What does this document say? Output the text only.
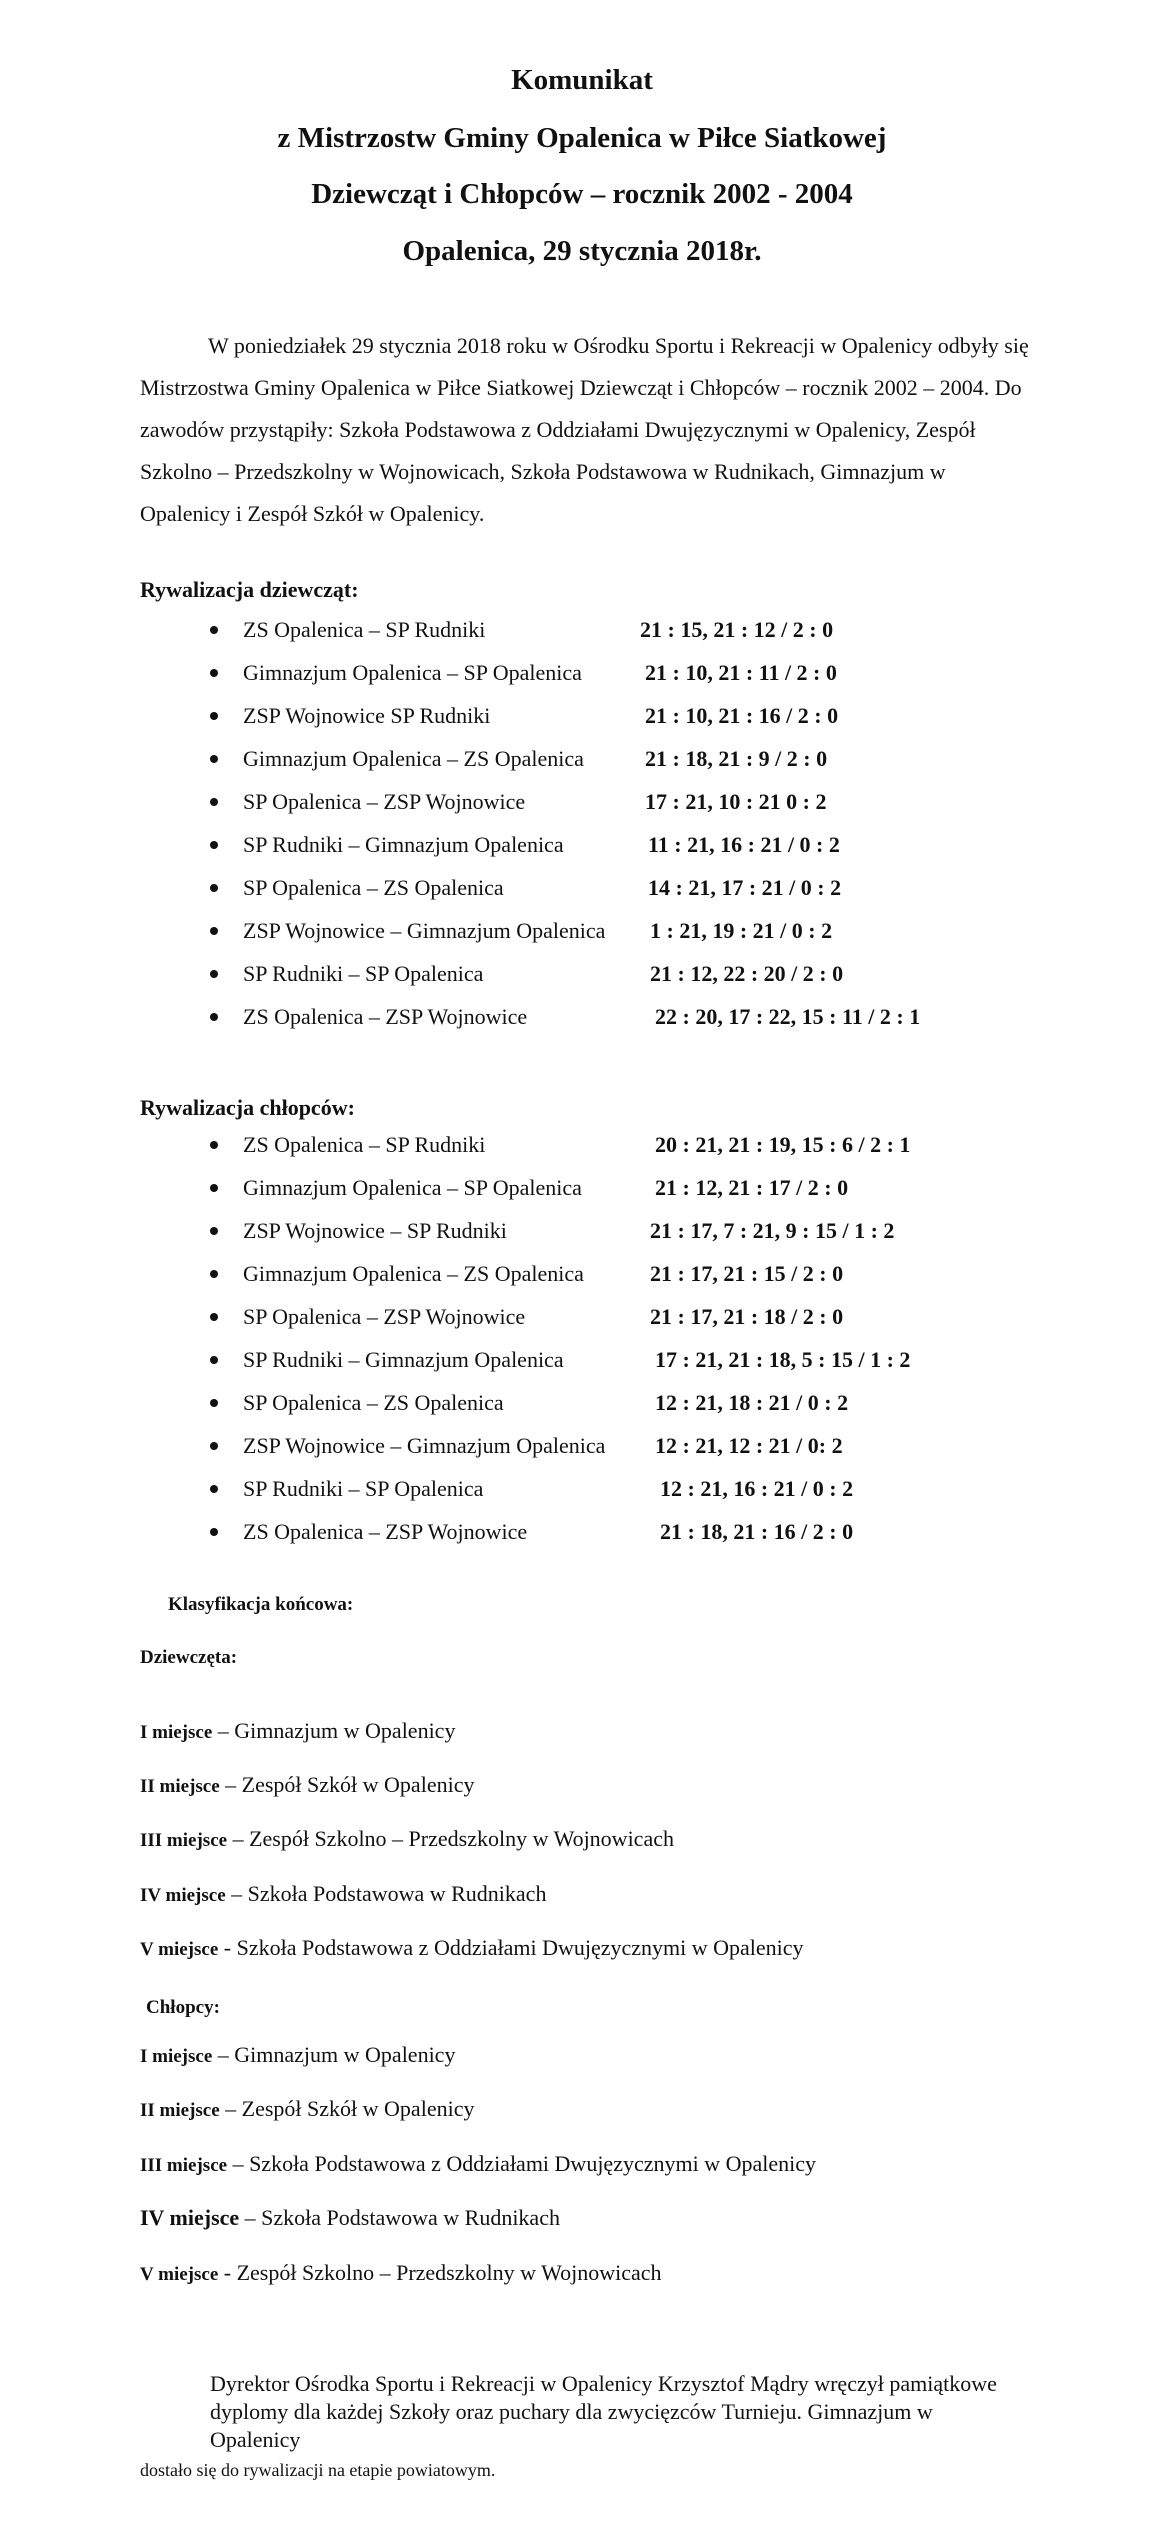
Komunikat

z Mistrzostw Gminy Opalenica w Piłce Siatkowej

Dziewcząt i Chłopców – rocznik 2002 - 2004

Opalenica, 29 stycznia 2018r.

W poniedziałek 29 stycznia 2018 roku w Ośrodku Sportu i Rekreacji w Opalenicy odbyły się Mistrzostwa Gminy Opalenica w Piłce Siatkowej Dziewcząt i Chłopców – rocznik 2002 – 2004. Do zawodów przystąpiły: Szkoła Podstawowa z Oddziałami Dwujęzycznymi w Opalenicy, Zespół Szkolno – Przedszkolny w Wojnowicach, Szkoła Podstawowa w Rudnikach, Gimnazjum w Opalenicy i Zespół Szkół w Opalenicy.

Rywalizacja dziewcząt:

ZS Opalenica – SP Rudniki	21 : 15, 21 : 12 / 2 : 0
Gimnazjum Opalenica – SP Opalenica	21 : 10, 21 : 11 / 2 : 0
ZSP Wojnowice SP Rudniki	21 : 10, 21 : 16 / 2 : 0
Gimnazjum Opalenica – ZS Opalenica	21 : 18, 21 : 9 / 2 : 0
SP Opalenica – ZSP Wojnowice	17 : 21, 10 : 21 0 : 2
SP Rudniki – Gimnazjum Opalenica	11 : 21, 16 : 21 / 0 : 2
SP Opalenica – ZS Opalenica	14 : 21, 17 : 21 / 0 : 2
ZSP Wojnowice – Gimnazjum Opalenica 1 : 21, 19 : 21 / 0 : 2
SP Rudniki – SP Opalenica	21 : 12, 22 : 20 / 2 : 0
ZS Opalenica – ZSP Wojnowice	22 : 20, 17 : 22, 15 : 11 / 2 : 1

Rywalizacja chłopców:

ZS Opalenica – SP Rudniki	20 : 21, 21 : 19, 15 : 6 / 2 : 1
Gimnazjum Opalenica – SP Opalenica	21 : 12, 21 : 17 / 2 : 0
ZSP Wojnowice – SP Rudniki	21 : 17, 7 : 21, 9 : 15 / 1 : 2
Gimnazjum Opalenica – ZS Opalenica	21 : 17, 21 : 15 / 2 : 0
SP Opalenica – ZSP Wojnowice	21 : 17, 21 : 18 / 2 : 0
SP Rudniki – Gimnazjum Opalenica	17 : 21, 21 : 18, 5 : 15 / 1 : 2
SP Opalenica – ZS Opalenica	12 : 21, 18 : 21 / 0 : 2
ZSP Wojnowice – Gimnazjum Opalenica 12 : 21, 12 : 21 / 0: 2
SP Rudniki – SP Opalenica	12 : 21, 16 : 21 / 0 : 2
ZS Opalenica – ZSP Wojnowice	21 : 18, 21 : 16 / 2 : 0

Klasyfikacja końcowa:

Dziewczęta:

I miejsce – Gimnazjum w Opalenicy

II miejsce – Zespół Szkół w Opalenicy

III miejsce – Zespół Szkolno – Przedszkolny w Wojnowicach

IV miejsce – Szkoła Podstawowa w Rudnikach

V miejsce - Szkoła Podstawowa z Oddziałami Dwujęzycznymi w Opalenicy

Chłopcy:

I miejsce – Gimnazjum w Opalenicy

II miejsce – Zespół Szkół w Opalenicy

III miejsce – Szkoła Podstawowa z Oddziałami Dwujęzycznymi w Opalenicy

IV miejsce – Szkoła Podstawowa w Rudnikach

V miejsce - Zespół Szkolno – Przedszkolny w Wojnowicach

Dyrektor Ośrodka Sportu i Rekreacji w Opalenicy Krzysztof Mądry wręczył pamiątkowe dyplomy dla każdej Szkoły oraz puchary dla zwycięzców Turnieju. Gimnazjum w Opalenicy dostało się do rywalizacji na etapie powiatowym.
